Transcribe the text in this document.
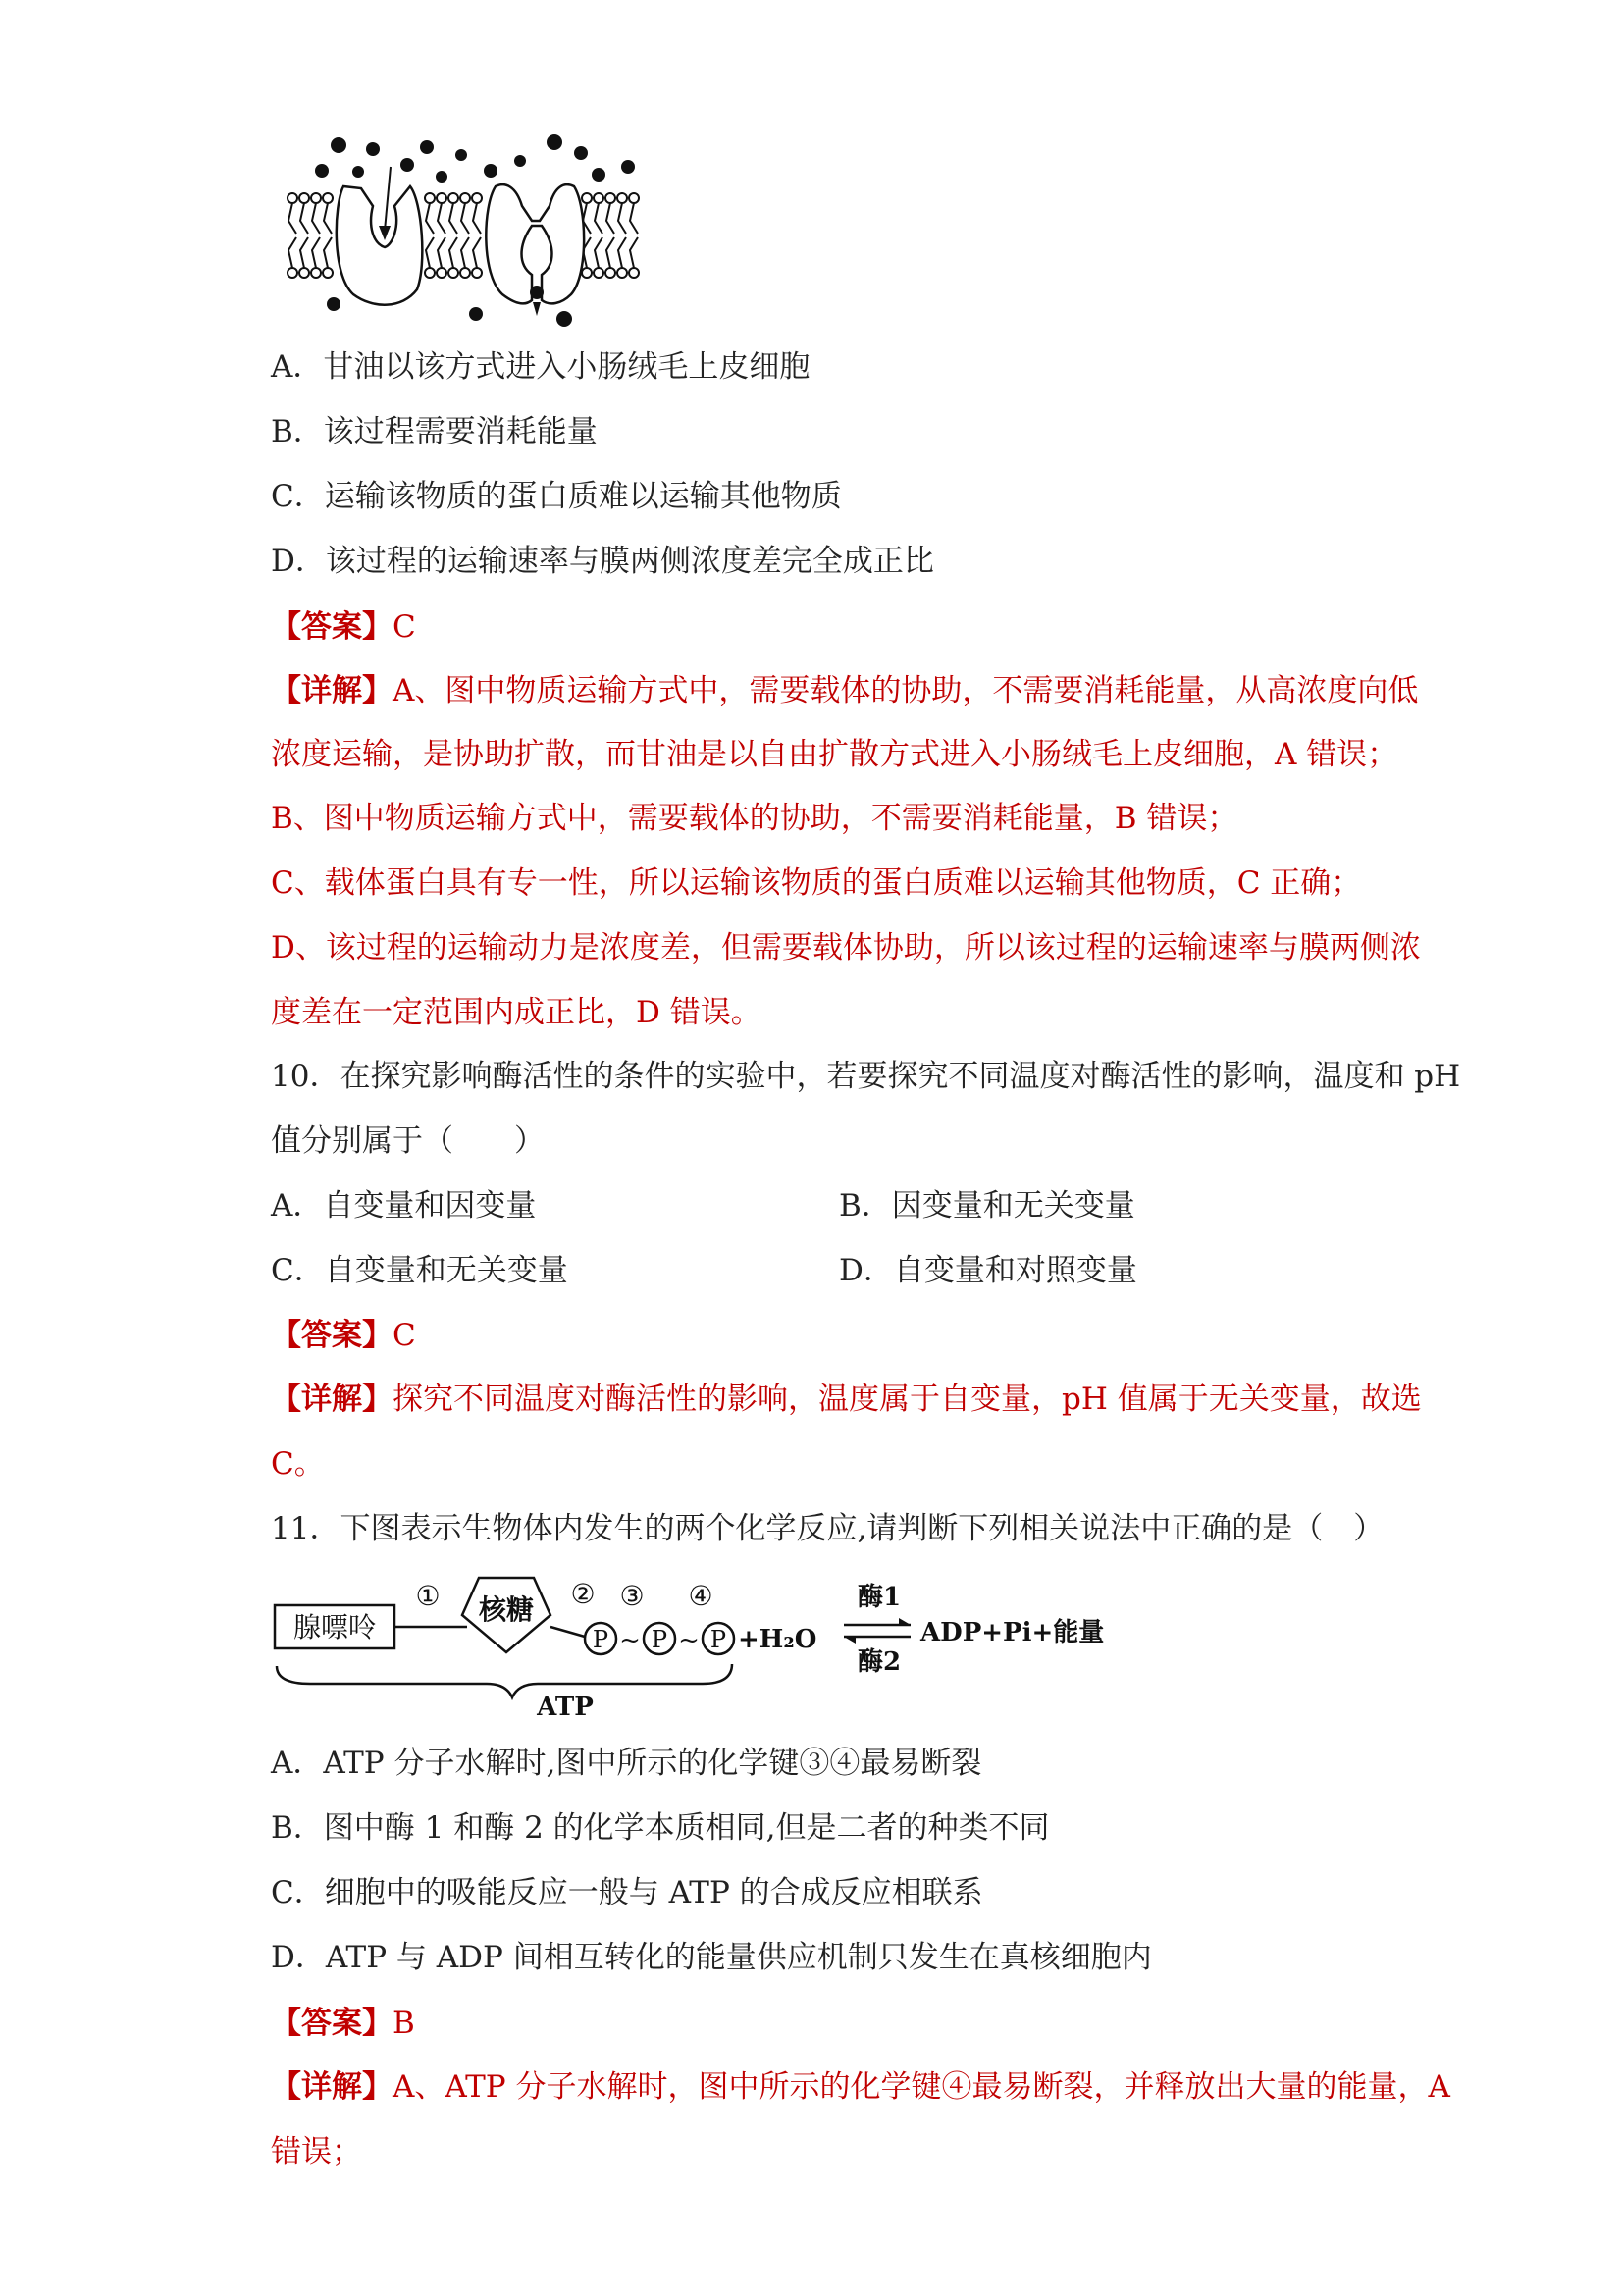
A．甘油以该方式进入小肠绒毛上皮细胞
B．该过程需要消耗能量
C．运输该物质的蛋白质难以运输其他物质
D．该过程的运输速率与膜两侧浓度差完全成正比
【答案】C
【详解】A、图中物质运输方式中，需要载体的协助，不需要消耗能量，从高浓度向低
浓度运输，是协助扩散，而甘油是以自由扩散方式进入小肠绒毛上皮细胞，A 错误；
B、图中物质运输方式中，需要载体的协助，不需要消耗能量，B 错误；
C、载体蛋白具有专一性，所以运输该物质的蛋白质难以运输其他物质，C 正确；
D、该过程的运输动力是浓度差，但需要载体协助，所以该过程的运输速率与膜两侧浓
度差在一定范围内成正比，D 错误。
10．在探究影响酶活性的条件的实验中，若要探究不同温度对酶活性的影响，温度和 pH
值分别属于（　　）
A．自变量和因变量	B．因变量和无关变量
C．自变量和无关变量	D．自变量和对照变量
【答案】C
【详解】探究不同温度对酶活性的影响，温度属于自变量，pH 值属于无关变量，故选
C。
11．下图表示生物体内发生的两个化学反应,请判断下列相关说法中正确的是（　）
腺嘌呤
① 核糖 ②
P ~
③
P ~
④
P +H₂O
酶1
酶2
ADP+Pi+能量
ATP
A．ATP 分子水解时,图中所示的化学键③④最易断裂
B．图中酶 1 和酶 2 的化学本质相同,但是二者的种类不同
C．细胞中的吸能反应一般与 ATP 的合成反应相联系
D．ATP 与 ADP 间相互转化的能量供应机制只发生在真核细胞内
【答案】B
【详解】A、ATP 分子水解时，图中所示的化学键④最易断裂，并释放出大量的能量，A
错误；
